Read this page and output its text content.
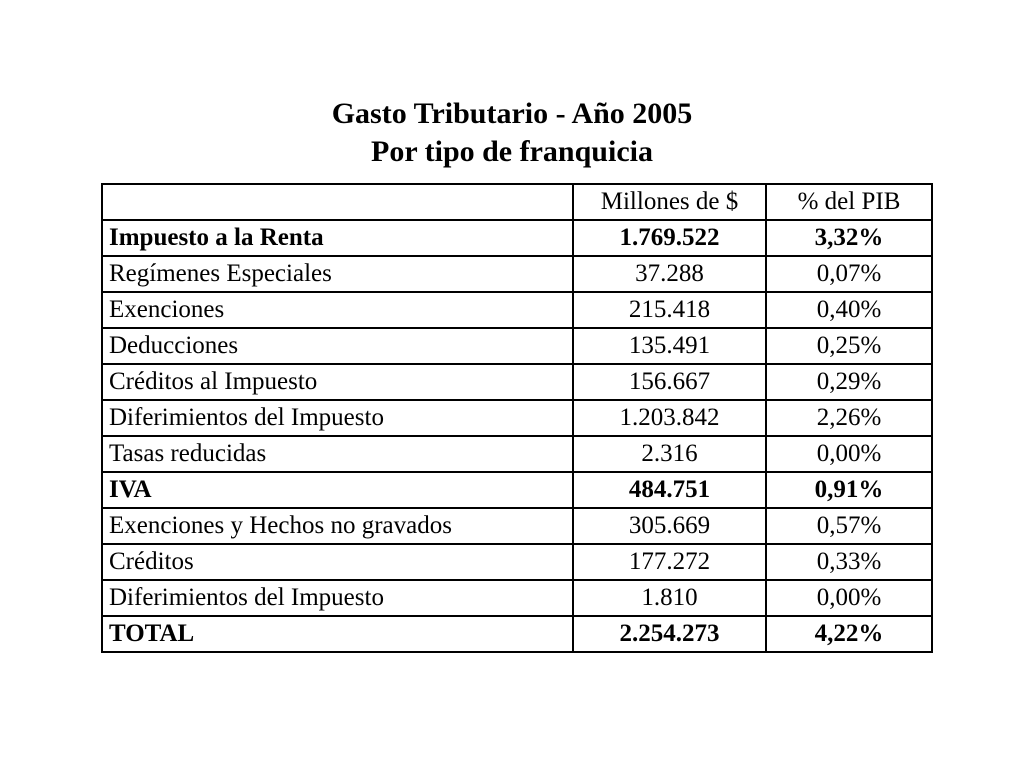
Gasto Tributario - Año 2005

Por tipo de franquicia

	Millones de $	% del PIB
Impuesto a la Renta	1.769.522	3,32%
Regímenes Especiales	37.288	0,07%
Exenciones	215.418	0,40%
Deducciones	135.491	0,25%
Créditos al Impuesto	156.667	0,29%
Diferimientos del Impuesto	1.203.842	2,26%
Tasas reducidas	2.316	0,00%
IVA	484.751	0,91%
Exenciones y Hechos no gravados	305.669	0,57%
Créditos	177.272	0,33%
Diferimientos del Impuesto	1.810	0,00%
TOTAL	2.254.273	4,22%
